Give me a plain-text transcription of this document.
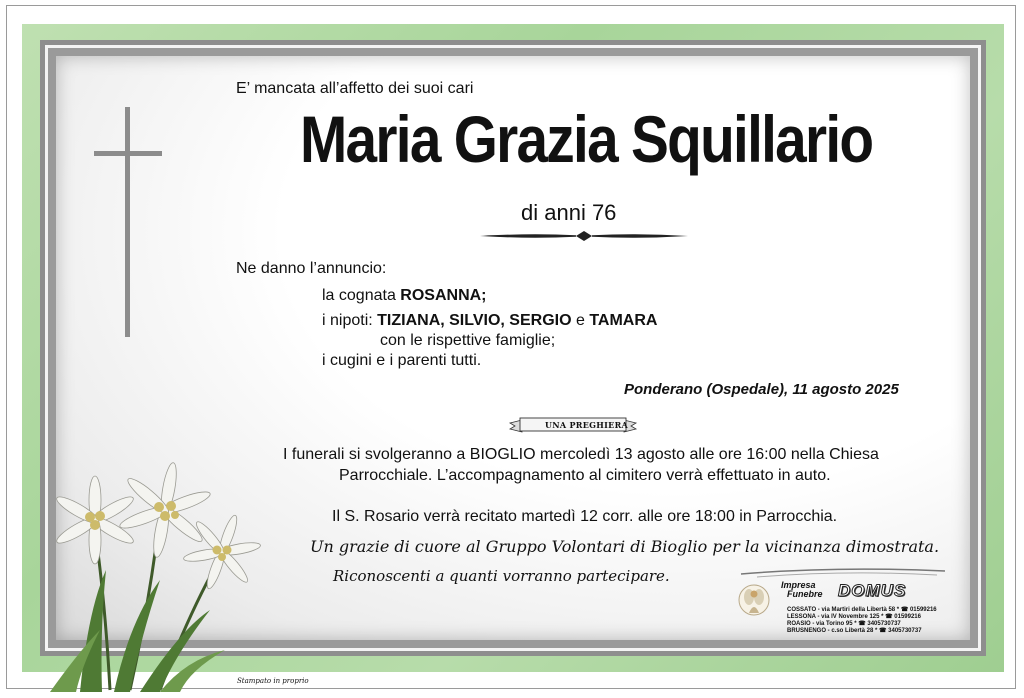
E’ mancata all’affetto dei suoi cari
Maria Grazia Squillario
di anni 76
Ne danno l’annuncio:
la cognata ROSANNA;
i nipoti: TIZIANA, SILVIO, SERGIO e TAMARA
con le rispettive famiglie;
i cugini e i parenti tutti.
Ponderano (Ospedale), 11 agosto 2025
UNA PREGHIERA
I funerali si svolgeranno a BIOGLIO mercoledì 13 agosto alle ore 16:00 nella Chiesa
Parrocchiale. L’accompagnamento al cimitero verrà effettuato in auto.
Il S. Rosario verrà recitato martedì 12 corr. alle ore 18:00 in Parrocchia.
Un grazie di cuore al Gruppo Volontari di Bioglio per la vicinanza dimostrata.
Riconoscenti a quanti vorranno partecipare.	Impresa
Funebre DOMUS
COSSATO - via Martiri della Libertà 58 * ☎ 01599216
LESSONA - via IV Novembre 125 * ☎ 01599216
ROASIO - via Torino 95 * ☎ 3405730737
BRUSNENGO - c.so Libertà 28 * ☎ 3405730737
Stampato in proprio
